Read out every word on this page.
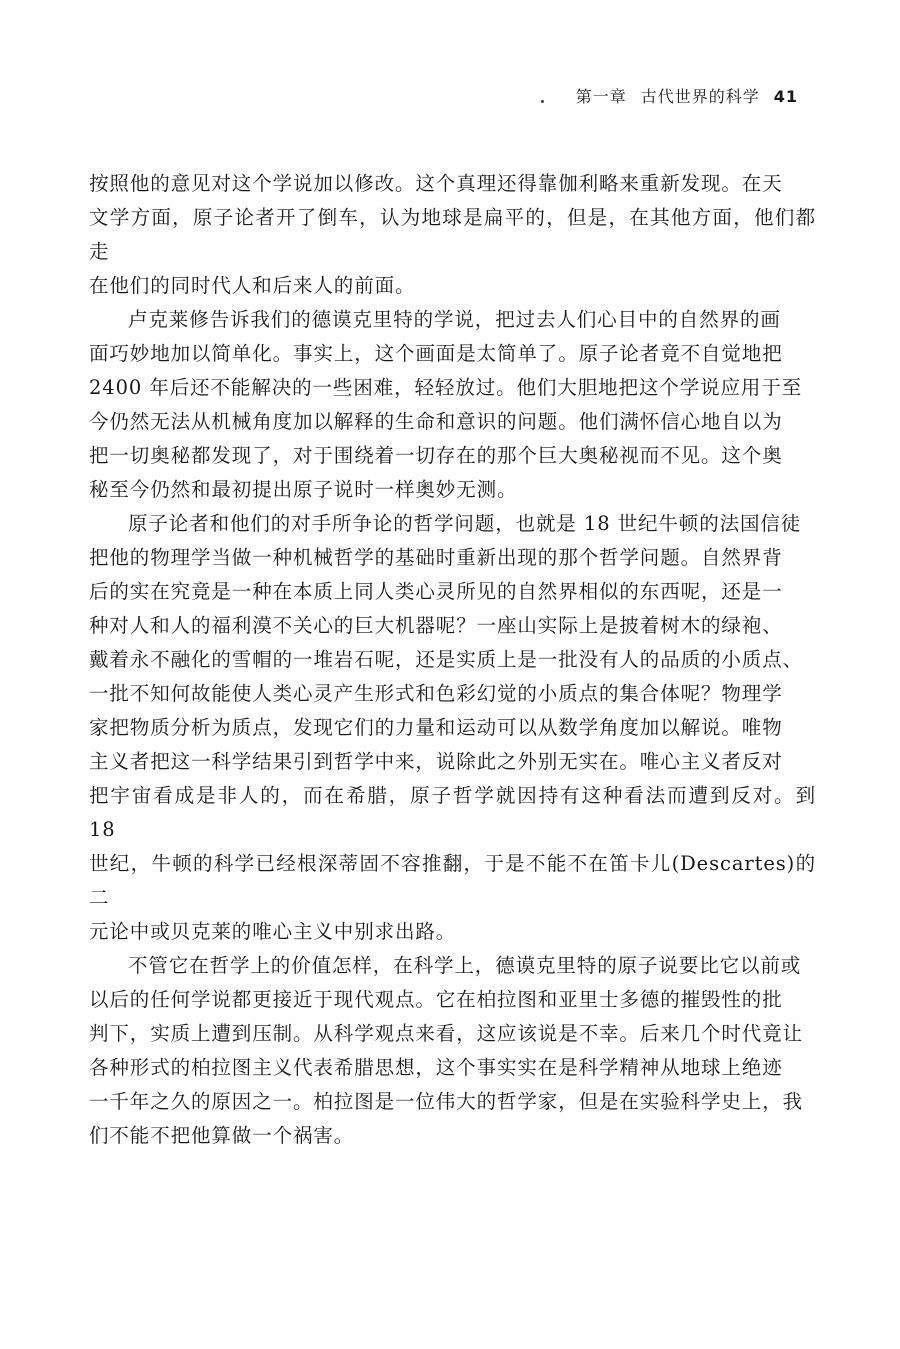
第一章 古代世界的科学 41

按照他的意见对这个学说加以修改。这个真理还得靠伽利略来重新发现。在天
文学方面，原子论者开了倒车，认为地球是扁平的，但是，在其他方面，他们都走
在他们的同时代人和后来人的前面。

卢克莱修告诉我们的德谟克里特的学说，把过去人们心目中的自然界的画
面巧妙地加以简单化。事实上，这个画面是太简单了。原子论者竟不自觉地把
2400 年后还不能解决的一些困难，轻轻放过。他们大胆地把这个学说应用于至
今仍然无法从机械角度加以解释的生命和意识的问题。他们满怀信心地自以为
把一切奥秘都发现了，对于围绕着一切存在的那个巨大奥秘视而不见。这个奥
秘至今仍然和最初提出原子说时一样奥妙无测。

原子论者和他们的对手所争论的哲学问题，也就是 18 世纪牛顿的法国信徒
把他的物理学当做一种机械哲学的基础时重新出现的那个哲学问题。自然界背
后的实在究竟是一种在本质上同人类心灵所见的自然界相似的东西呢，还是一
种对人和人的福利漠不关心的巨大机器呢？一座山实际上是披着树木的绿袍、
戴着永不融化的雪帽的一堆岩石呢，还是实质上是一批没有人的品质的小质点、
一批不知何故能使人类心灵产生形式和色彩幻觉的小质点的集合体呢？物理学
家把物质分析为质点，发现它们的力量和运动可以从数学角度加以解说。唯物
主义者把这一科学结果引到哲学中来，说除此之外别无实在。唯心主义者反对
把宇宙看成是非人的，而在希腊，原子哲学就因持有这种看法而遭到反对。到 18
世纪，牛顿的科学已经根深蒂固不容推翻，于是不能不在笛卡儿(Descartes)的二
元论中或贝克莱的唯心主义中别求出路。

不管它在哲学上的价值怎样，在科学上，德谟克里特的原子说要比它以前或
以后的任何学说都更接近于现代观点。它在柏拉图和亚里士多德的摧毁性的批
判下，实质上遭到压制。从科学观点来看，这应该说是不幸。后来几个时代竟让
各种形式的柏拉图主义代表希腊思想，这个事实实在是科学精神从地球上绝迹
一千年之久的原因之一。柏拉图是一位伟大的哲学家，但是在实验科学史上，我
们不能不把他算做一个祸害。
